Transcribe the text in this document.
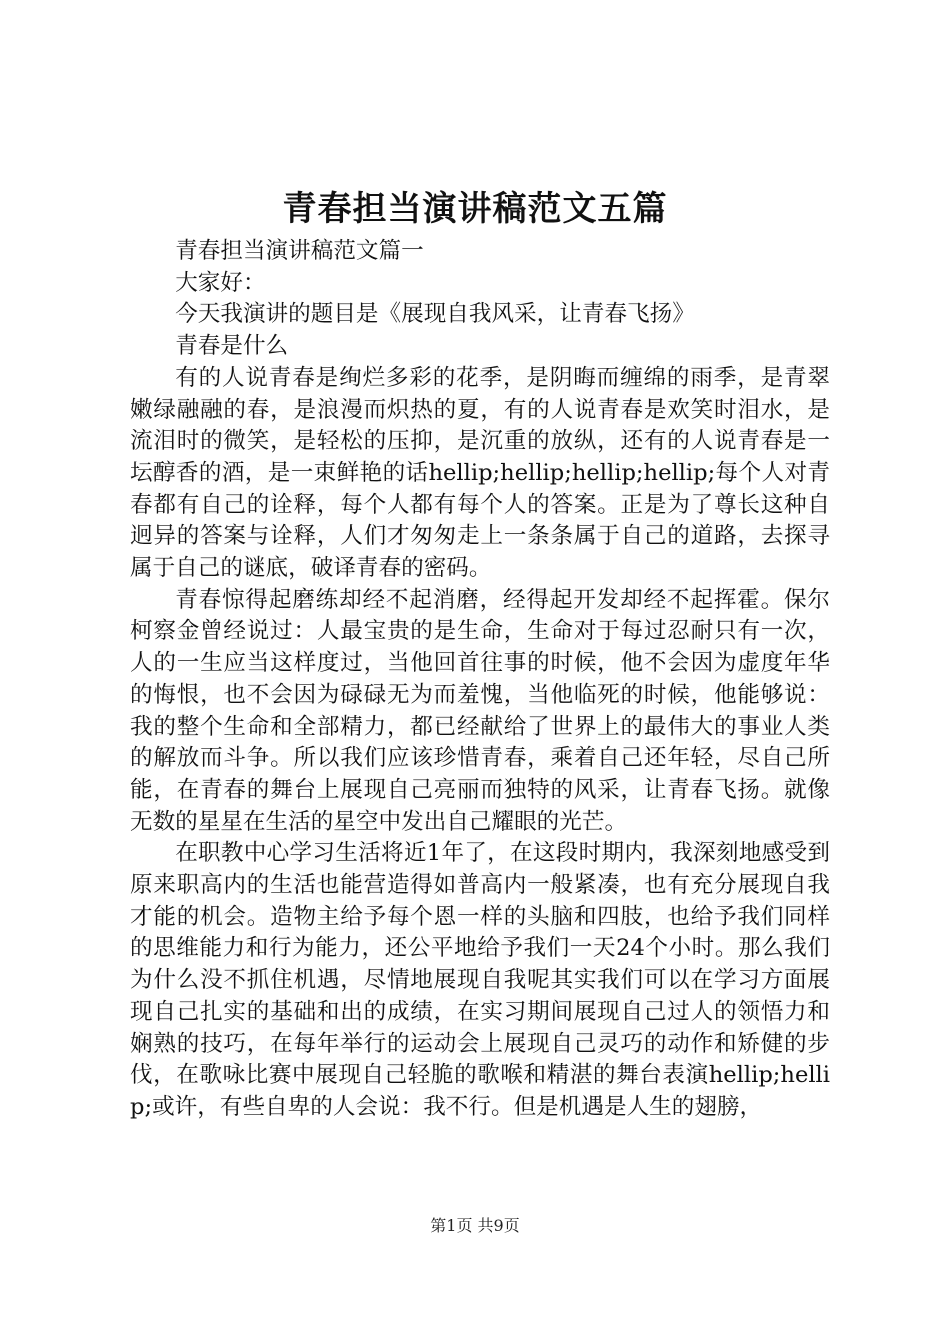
青春担当演讲稿范文五篇

青春担当演讲稿范文篇一

大家好：

今天我演讲的题目是《展现自我风采，让青春飞扬》

青春是什么

有的人说青春是绚烂多彩的花季，是阴晦而缠绵的雨季，是青翠嫩绿融融的春，是浪漫而炽热的夏，有的人说青春是欢笑时泪水，是流泪时的微笑，是轻松的压抑，是沉重的放纵，还有的人说青春是一坛醇香的酒，是一束鲜艳的话hellip;hellip;hellip;hellip;每个人对青春都有自己的诠释，每个人都有每个人的答案。正是为了尊长这种自迥异的答案与诠释，人们才匆匆走上一条条属于自己的道路，去探寻属于自己的谜底，破译青春的密码。

青春惊得起磨练却经不起消磨，经得起开发却经不起挥霍。保尔柯察金曾经说过：人最宝贵的是生命，生命对于每过忍耐只有一次，人的一生应当这样度过，当他回首往事的时候，他不会因为虚度年华的悔恨，也不会因为碌碌无为而羞愧，当他临死的时候，他能够说：我的整个生命和全部精力，都已经献给了世界上的最伟大的事业人类的解放而斗争。所以我们应该珍惜青春，乘着自己还年轻，尽自己所能，在青春的舞台上展现自己亮丽而独特的风采，让青春飞扬。就像无数的星星在生活的星空中发出自己耀眼的光芒。

在职教中心学习生活将近1年了，在这段时期内，我深刻地感受到原来职高内的生活也能营造得如普高内一般紧凑，也有充分展现自我才能的机会。造物主给予每个恩一样的头脑和四肢，也给予我们同样的思维能力和行为能力，还公平地给予我们一天24个小时。那么我们为什么没不抓住机遇，尽情地展现自我呢其实我们可以在学习方面展现自己扎实的基础和出的成绩，在实习期间展现自己过人的领悟力和娴熟的技巧，在每年举行的运动会上展现自己灵巧的动作和矫健的步伐，在歌咏比赛中展现自己轻脆的歌喉和精湛的舞台表演hellip;hellip;或许，有些自卑的人会说：我不行。但是机遇是人生的翅膀，

第1页 共9页
